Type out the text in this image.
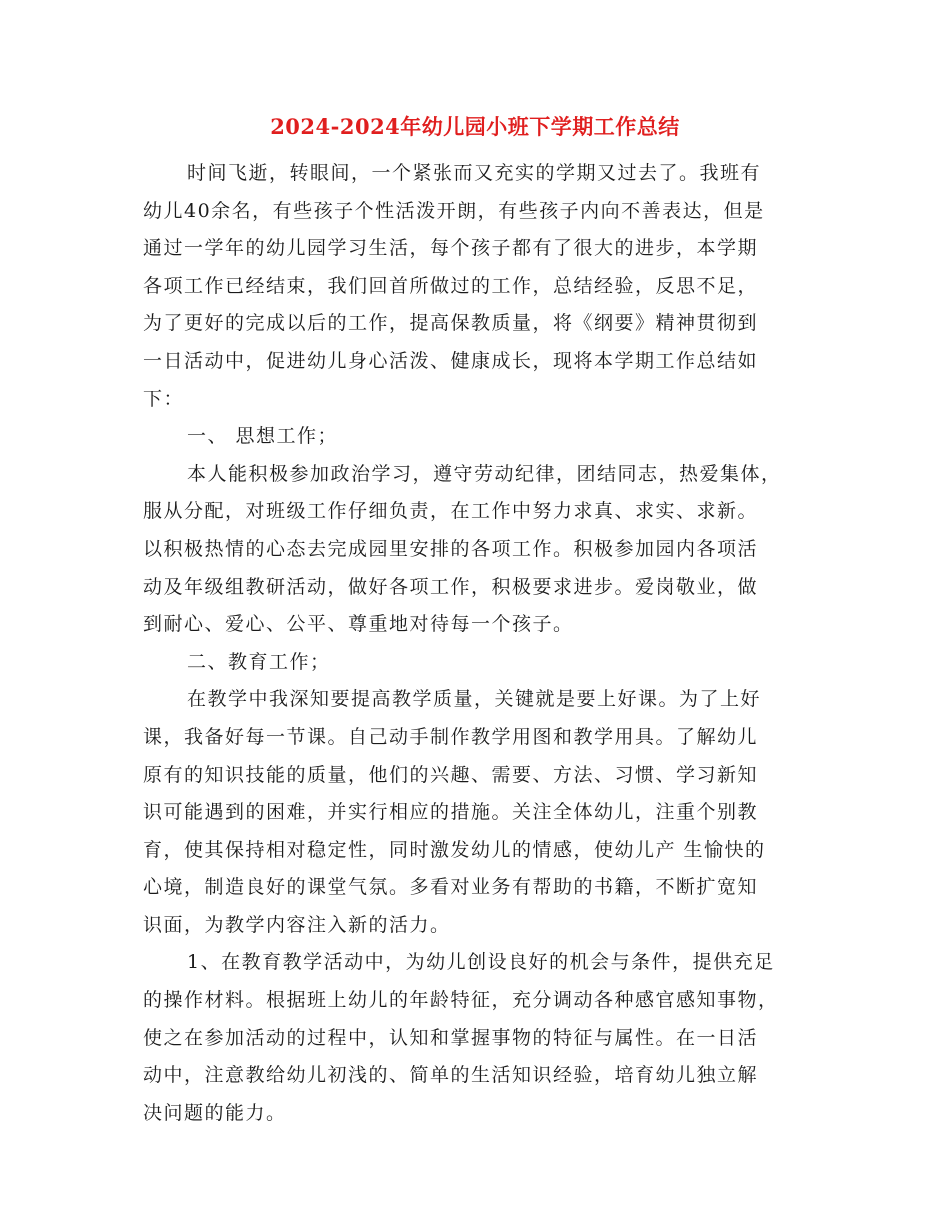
2024-2024年幼儿园小班下学期工作总结
时间飞逝，转眼间，一个紧张而又充实的学期又过去了。我班有
幼儿40余名，有些孩子个性活泼开朗，有些孩子内向不善表达，但是
通过一学年的幼儿园学习生活，每个孩子都有了很大的进步，本学期
各项工作已经结束，我们回首所做过的工作，总结经验，反思不足，
为了更好的完成以后的工作，提高保教质量，将《纲要》精神贯彻到
一日活动中，促进幼儿身心活泼、健康成长，现将本学期工作总结如
下：
一、 思想工作；
本人能积极参加政治学习，遵守劳动纪律，团结同志，热爱集体，
服从分配，对班级工作仔细负责，在工作中努力求真、求实、求新。
以积极热情的心态去完成园里安排的各项工作。积极参加园内各项活
动及年级组教研活动，做好各项工作，积极要求进步。爱岗敬业，做
到耐心、爱心、公平、尊重地对待每一个孩子。
二、教育工作；
在教学中我深知要提高教学质量，关键就是要上好课。为了上好
课，我备好每一节课。自己动手制作教学用图和教学用具。了解幼儿
原有的知识技能的质量，他们的兴趣、需要、方法、习惯、学习新知
识可能遇到的困难，并实行相应的措施。关注全体幼儿，注重个别教
育，使其保持相对稳定性，同时激发幼儿的情感，使幼儿产 生愉快的
心境，制造良好的课堂气氛。多看对业务有帮助的书籍，不断扩宽知
识面，为教学内容注入新的活力。
1、在教育教学活动中，为幼儿创设良好的机会与条件，提供充足
的操作材料。根据班上幼儿的年龄特征，充分调动各种感官感知事物，
使之在参加活动的过程中，认知和掌握事物的特征与属性。在一日活
动中，注意教给幼儿初浅的、简单的生活知识经验，培育幼儿独立解
决问题的能力。
